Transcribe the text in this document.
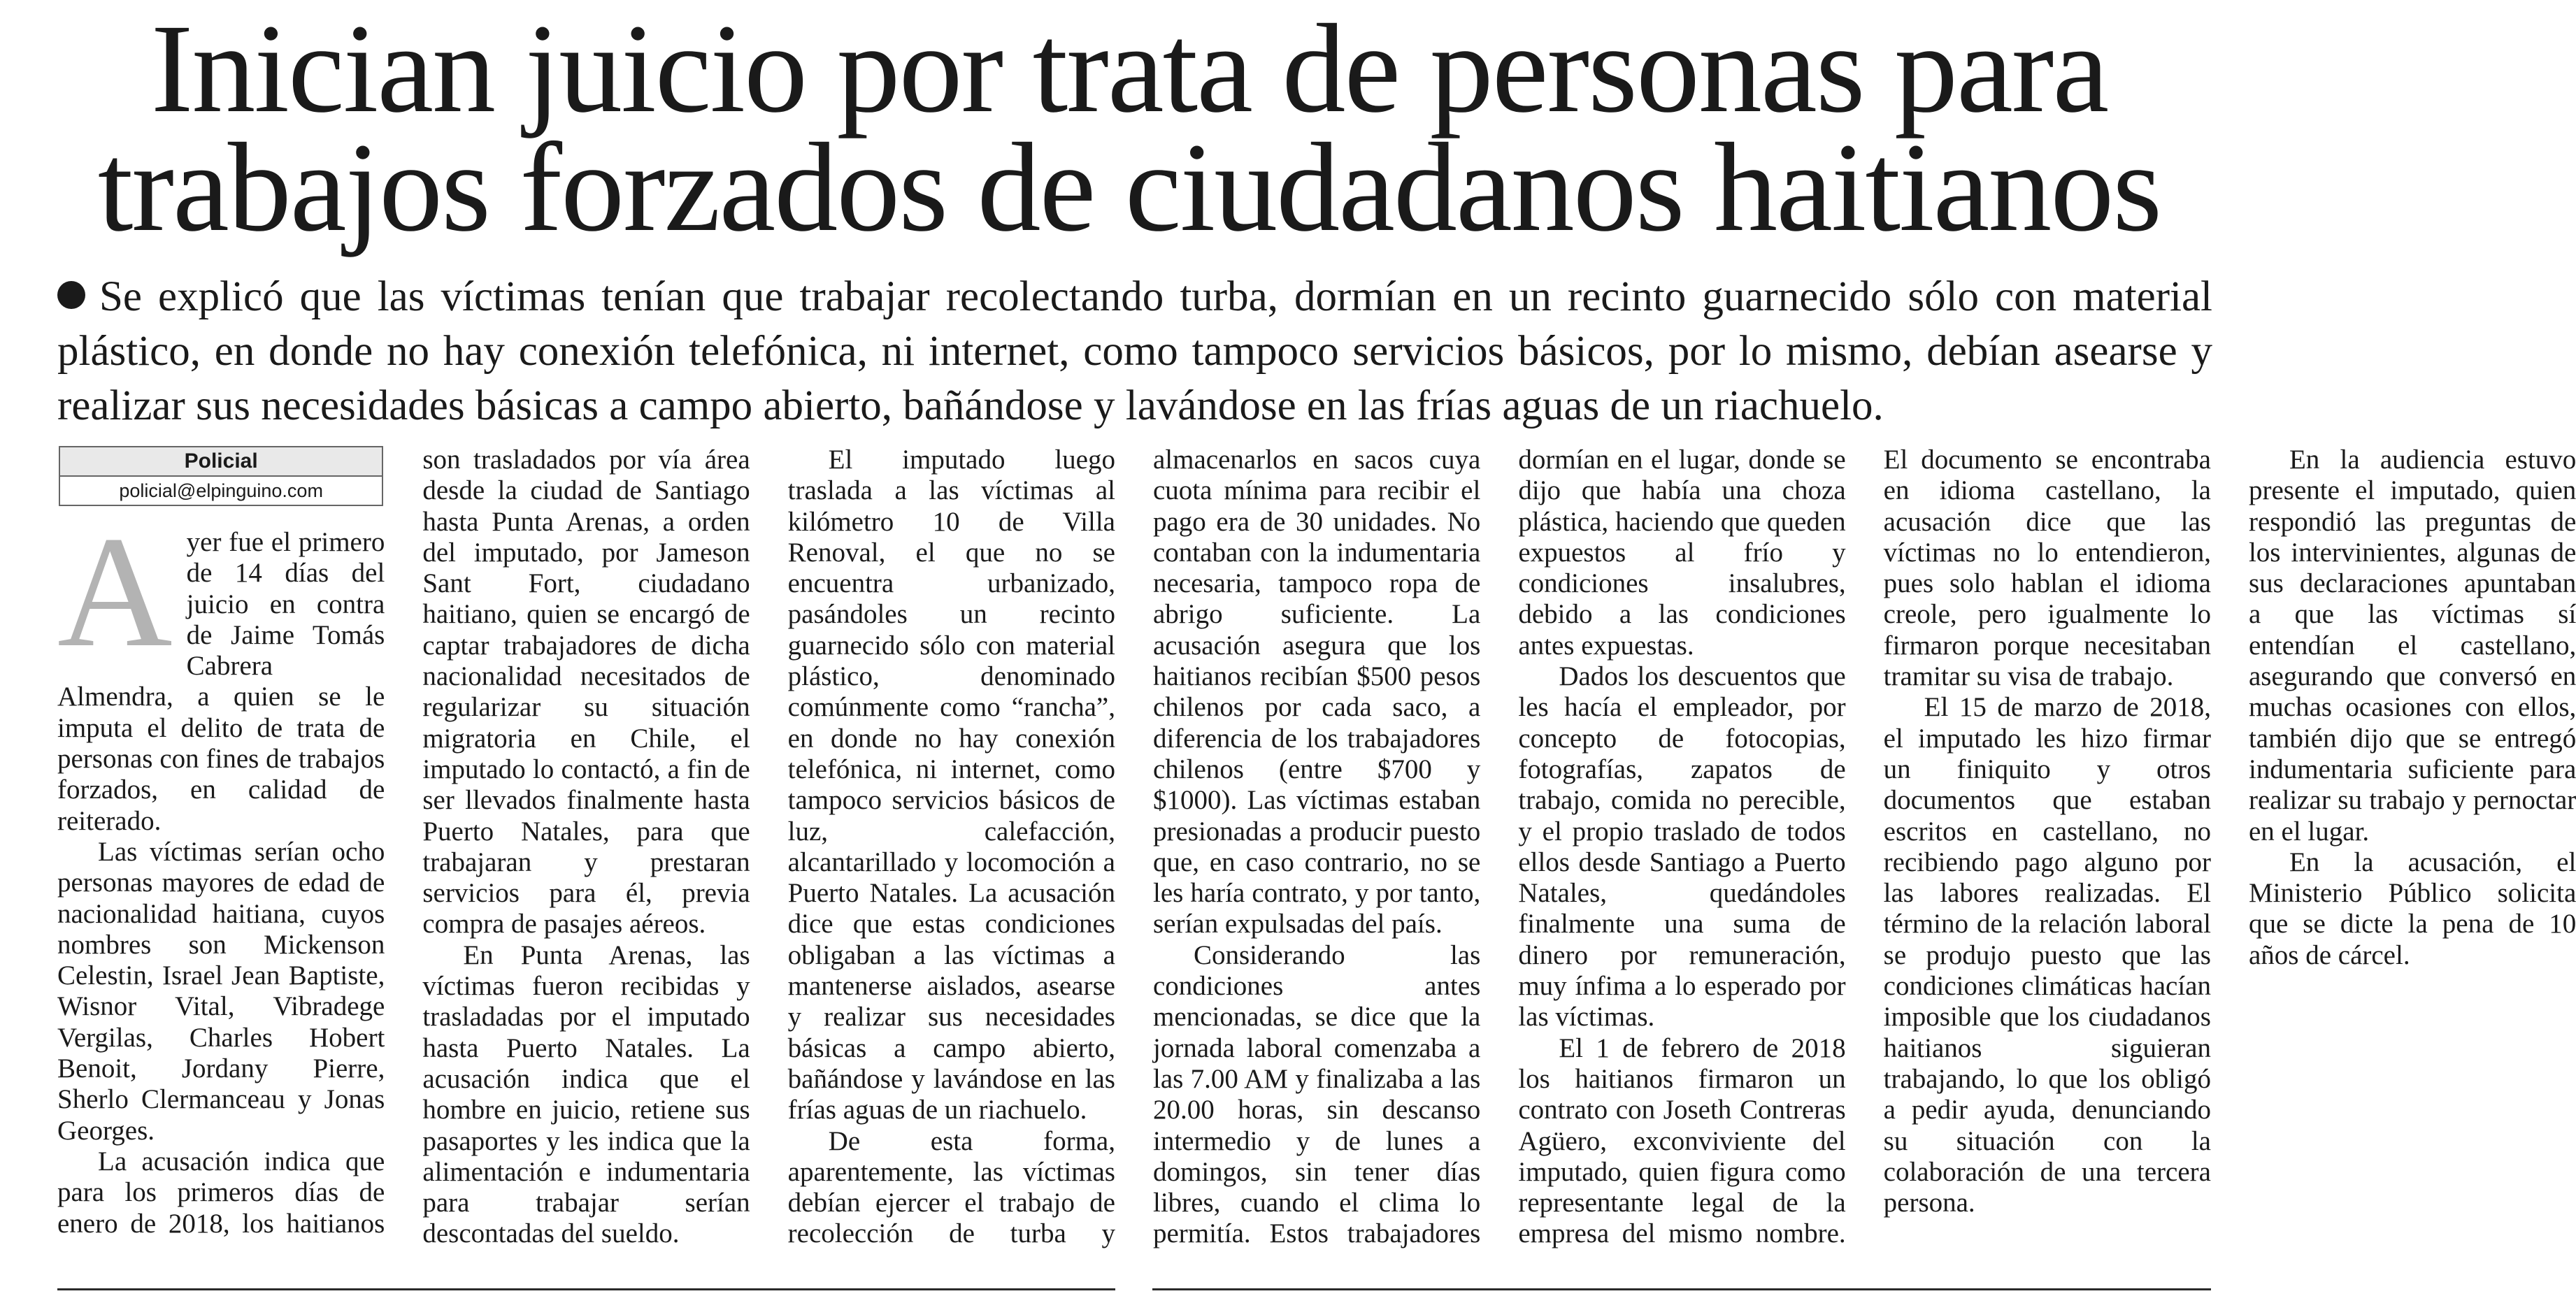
Inician juicio por trata de personas para
trabajos forzados de ciudadanos haitianos

Se explicó que las víctimas tenían que trabajar recolectando turba, dormían en un recinto guarnecido sólo con material plástico, en donde no hay conexión telefónica, ni internet, como tampoco servicios básicos, por lo mismo, debían asearse y realizar sus necesidades básicas a campo abierto, bañándose y lavándose en las frías aguas de un riachuelo.

Policial
policial@elpinguino.com

Ayer fue el primero de 14 días del juicio en contra de Jaime Tomás Cabrera Almendra, a quien se le imputa el delito de trata de personas con fines de trabajos forzados, en calidad de reiterado.

Las víctimas serían ocho personas mayores de edad de nacionalidad haitiana, cuyos nombres son Mickenson Celestin, Israel Jean Baptiste, Wisnor Vital, Vibradege Vergilas, Charles Hobert Benoit, Jordany Pierre, Sherlo Clermanceau y Jonas Georges.

La acusación indica que para los primeros días de enero de 2018, los haitianos son trasladados por vía área desde la ciudad de Santiago hasta Punta Arenas, a orden del imputado, por Jameson Sant Fort, ciudadano haitiano, quien se encargó de captar trabajadores de dicha nacionalidad necesitados de regularizar su situación migratoria en Chile, el imputado lo contactó, a fin de ser llevados finalmente hasta Puerto Natales, para que trabajaran y prestaran servicios para él, previa compra de pasajes aéreos.

En Punta Arenas, las víctimas fueron recibidas y trasladadas por el imputado hasta Puerto Natales. La acusación indica que el hombre en juicio, retiene sus pasaportes y les indica que la alimentación e indumentaria para trabajar serían descontadas del sueldo.

El imputado luego traslada a las víctimas al kilómetro 10 de Villa Renoval, el que no se encuentra urbanizado, pasándoles un recinto guarnecido sólo con material plástico, denominado comúnmente como “rancha”, en donde no hay conexión telefónica, ni internet, como tampoco servicios básicos de luz, calefacción, alcantarillado y locomoción a Puerto Natales. La acusación dice que estas condiciones obligaban a las víctimas a mantenerse aislados, asearse y realizar sus necesidades básicas a campo abierto, bañándose y lavándose en las frías aguas de un riachuelo.

De esta forma, aparentemente, las víctimas debían ejercer el trabajo de recolección de turba y almacenarlos en sacos cuya cuota mínima para recibir el pago era de 30 unidades. No contaban con la indumentaria necesaria, tampoco ropa de abrigo suficiente. La acusación asegura que los haitianos recibían $500 pesos chilenos por cada saco, a diferencia de los trabajadores chilenos (entre $700 y $1000). Las víctimas estaban presionadas a producir puesto que, en caso contrario, no se les haría contrato, y por tanto, serían expulsadas del país.

Considerando las condiciones antes mencionadas, se dice que la jornada laboral comenzaba a las 7.00 AM y finalizaba a las 20.00 horas, sin descanso intermedio y de lunes a domingos, sin tener días libres, cuando el clima lo permitía. Estos trabajadores dormían en el lugar, donde se dijo que había una choza plástica, haciendo que queden expuestos al frío y condiciones insalubres, debido a las condiciones antes expuestas.

Dados los descuentos que les hacía el empleador, por concepto de fotocopias, fotografías, zapatos de trabajo, comida no perecible, y el propio traslado de todos ellos desde Santiago a Puerto Natales, quedándoles finalmente una suma de dinero por remuneración, muy ínfima a lo esperado por las víctimas.

El 1 de febrero de 2018 los haitianos firmaron un contrato con Joseth Contreras Agüero, exconviviente del imputado, quien figura como representante legal de la empresa del mismo nombre. El documento se encontraba en idioma castellano, la acusación dice que las víctimas no lo entendieron, pues solo hablan el idioma creole, pero igualmente lo firmaron porque necesitaban tramitar su visa de trabajo.

El 15 de marzo de 2018, el imputado les hizo firmar un finiquito y otros documentos que estaban escritos en castellano, no recibiendo pago alguno por las labores realizadas. El término de la relación laboral se produjo puesto que las condiciones climáticas hacían imposible que los ciudadanos haitianos siguieran trabajando, lo que los obligó a pedir ayuda, denunciando su situación con la colaboración de una tercera persona.

En la audiencia estuvo presente el imputado, quien respondió las preguntas de los intervinientes, algunas de sus declaraciones apuntaban a que las víctimas sí entendían el castellano, asegurando que conversó en muchas ocasiones con ellos, también dijo que se entregó indumentaria suficiente para realizar su trabajo y pernoctar en el lugar.

En la acusación, el Ministerio Público solicita que se dicte la pena de 10 años de cárcel.
